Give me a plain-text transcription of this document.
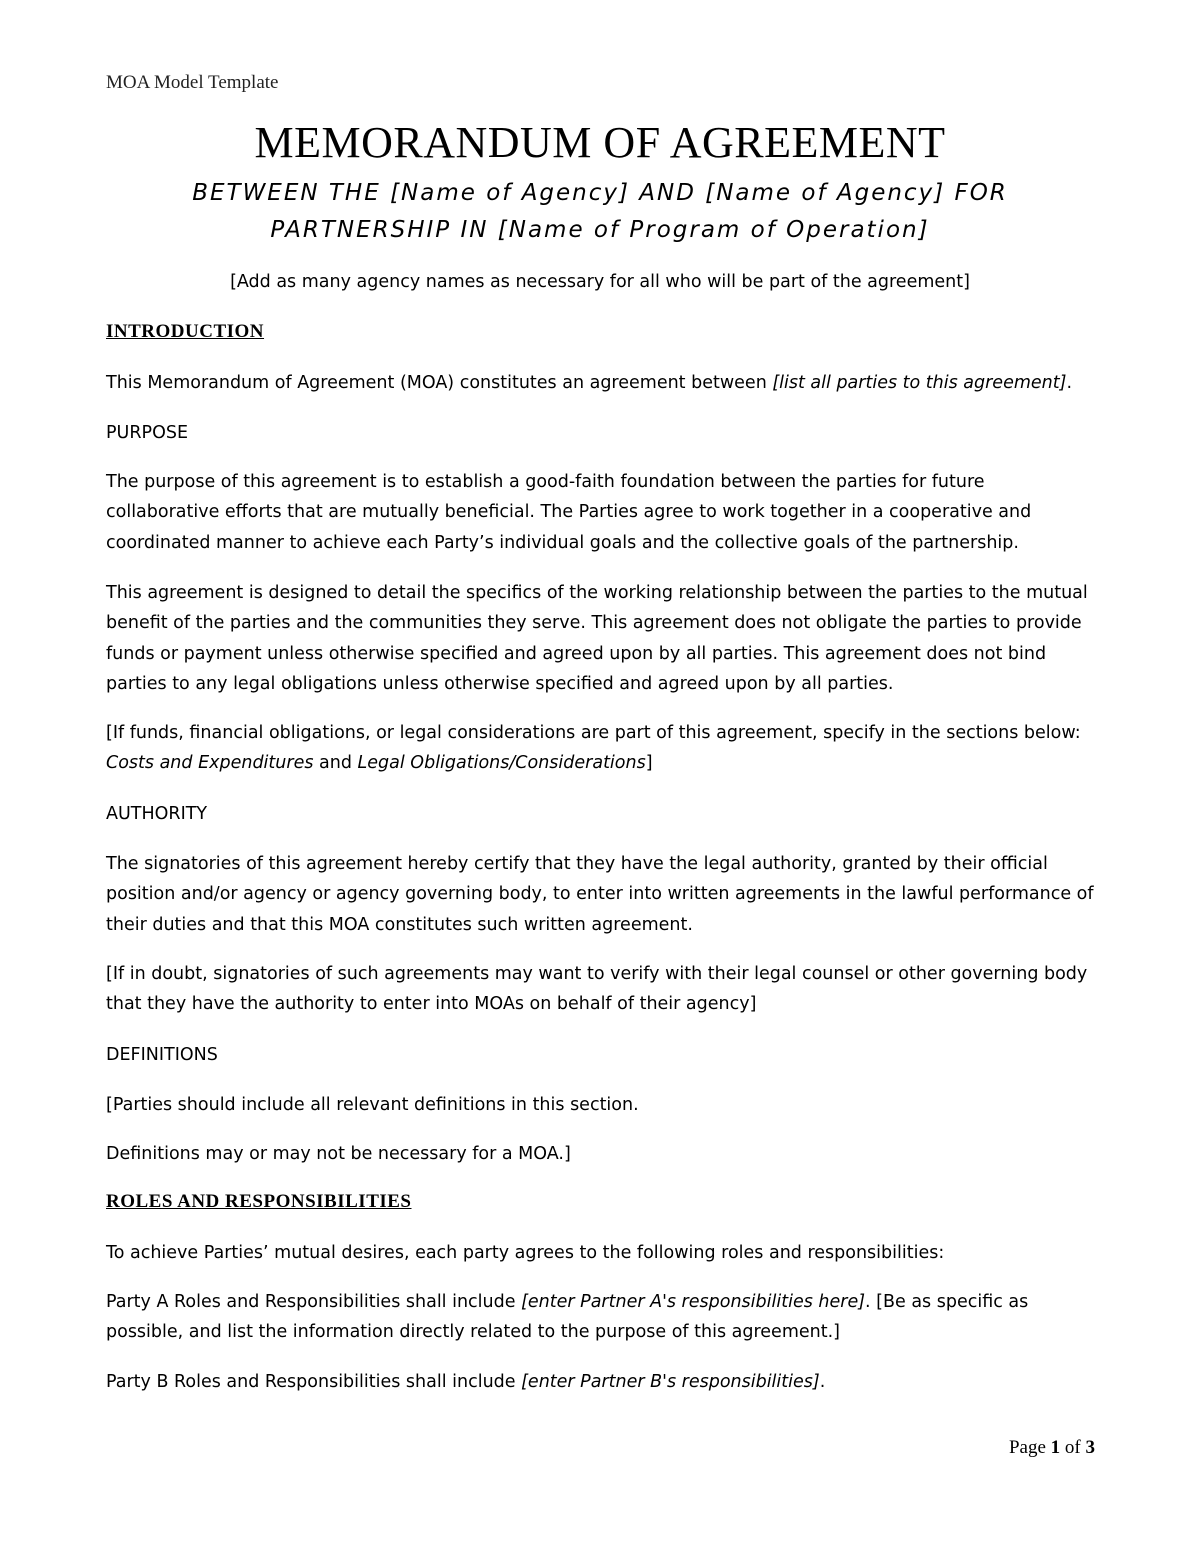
MOA Model Template
MEMORANDUM OF AGREEMENT
BETWEEN THE [Name of Agency] AND [Name of Agency] FOR
PARTNERSHIP IN [Name of Program of Operation]
[Add as many agency names as necessary for all who will be part of the agreement]
INTRODUCTION
This Memorandum of Agreement (MOA) constitutes an agreement between [list all parties to this agreement].
PURPOSE
The purpose of this agreement is to establish a good-faith foundation between the parties for future
collaborative efforts that are mutually beneficial. The Parties agree to work together in a cooperative and
coordinated manner to achieve each Party’s individual goals and the collective goals of the partnership.
This agreement is designed to detail the specifics of the working relationship between the parties to the mutual
benefit of the parties and the communities they serve. This agreement does not obligate the parties to provide
funds or payment unless otherwise specified and agreed upon by all parties. This agreement does not bind
parties to any legal obligations unless otherwise specified and agreed upon by all parties.
[If funds, financial obligations, or legal considerations are part of this agreement, specify in the sections below:
Costs and Expenditures and Legal Obligations/Considerations]
AUTHORITY
The signatories of this agreement hereby certify that they have the legal authority, granted by their official
position and/or agency or agency governing body, to enter into written agreements in the lawful performance of
their duties and that this MOA constitutes such written agreement.
[If in doubt, signatories of such agreements may want to verify with their legal counsel or other governing body
that they have the authority to enter into MOAs on behalf of their agency]
DEFINITIONS
[Parties should include all relevant definitions in this section.
Definitions may or may not be necessary for a MOA.]
ROLES AND RESPONSIBILITIES
To achieve Parties’ mutual desires, each party agrees to the following roles and responsibilities:
Party A Roles and Responsibilities shall include [enter Partner A's responsibilities here]. [Be as specific as
possible, and list the information directly related to the purpose of this agreement.]
Party B Roles and Responsibilities shall include [enter Partner B's responsibilities].
Page 1 of 3
